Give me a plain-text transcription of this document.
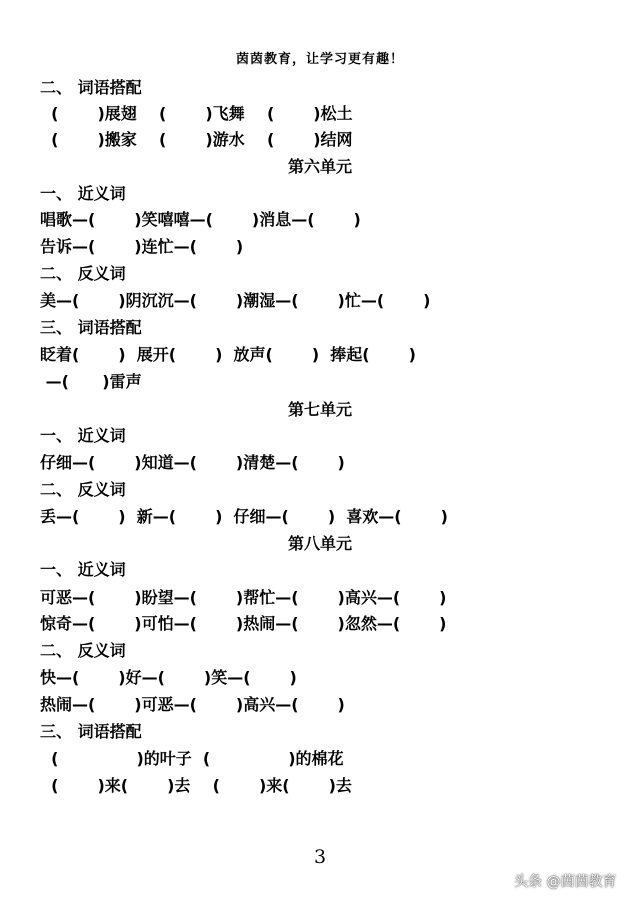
茵茵教育，让学习更有趣！
二、 词语搭配
(       )展翅    (       )飞舞    (       )松土
(       )搬家    (       )游水    (       )结网
第六单元
一、 近义词
唱歌—(       )笑嘻嘻—(       )消息—(       )
告诉—(       )连忙—(       )
二、 反义词
美—(       )阴沉沉—(       )潮湿—(       )忙—(       )
三、 词语搭配
眨着(       )  展开(       )  放声(       )  捧起(       )
—(      )雷声
第七单元
一、 近义词
仔细—(       )知道—(       )清楚—(       )
二、 反义词
丢—(       )  新—(       )  仔细—(       )  喜欢—(       )
第八单元
一、 近义词
可恶—(       )盼望—(       )帮忙—(       )高兴—(       )
惊奇—(       )可怕—(       )热闹—(       )忽然—(       )
二、 反义词
快—(       )好—(       )笑—(       )
热闹—(       )可恶—(       )高兴—(       )
三、 词语搭配
(              )的叶子  (              )的棉花
(       )来(       )去    (       )来(       )去
3
头条 @茵茵教育
